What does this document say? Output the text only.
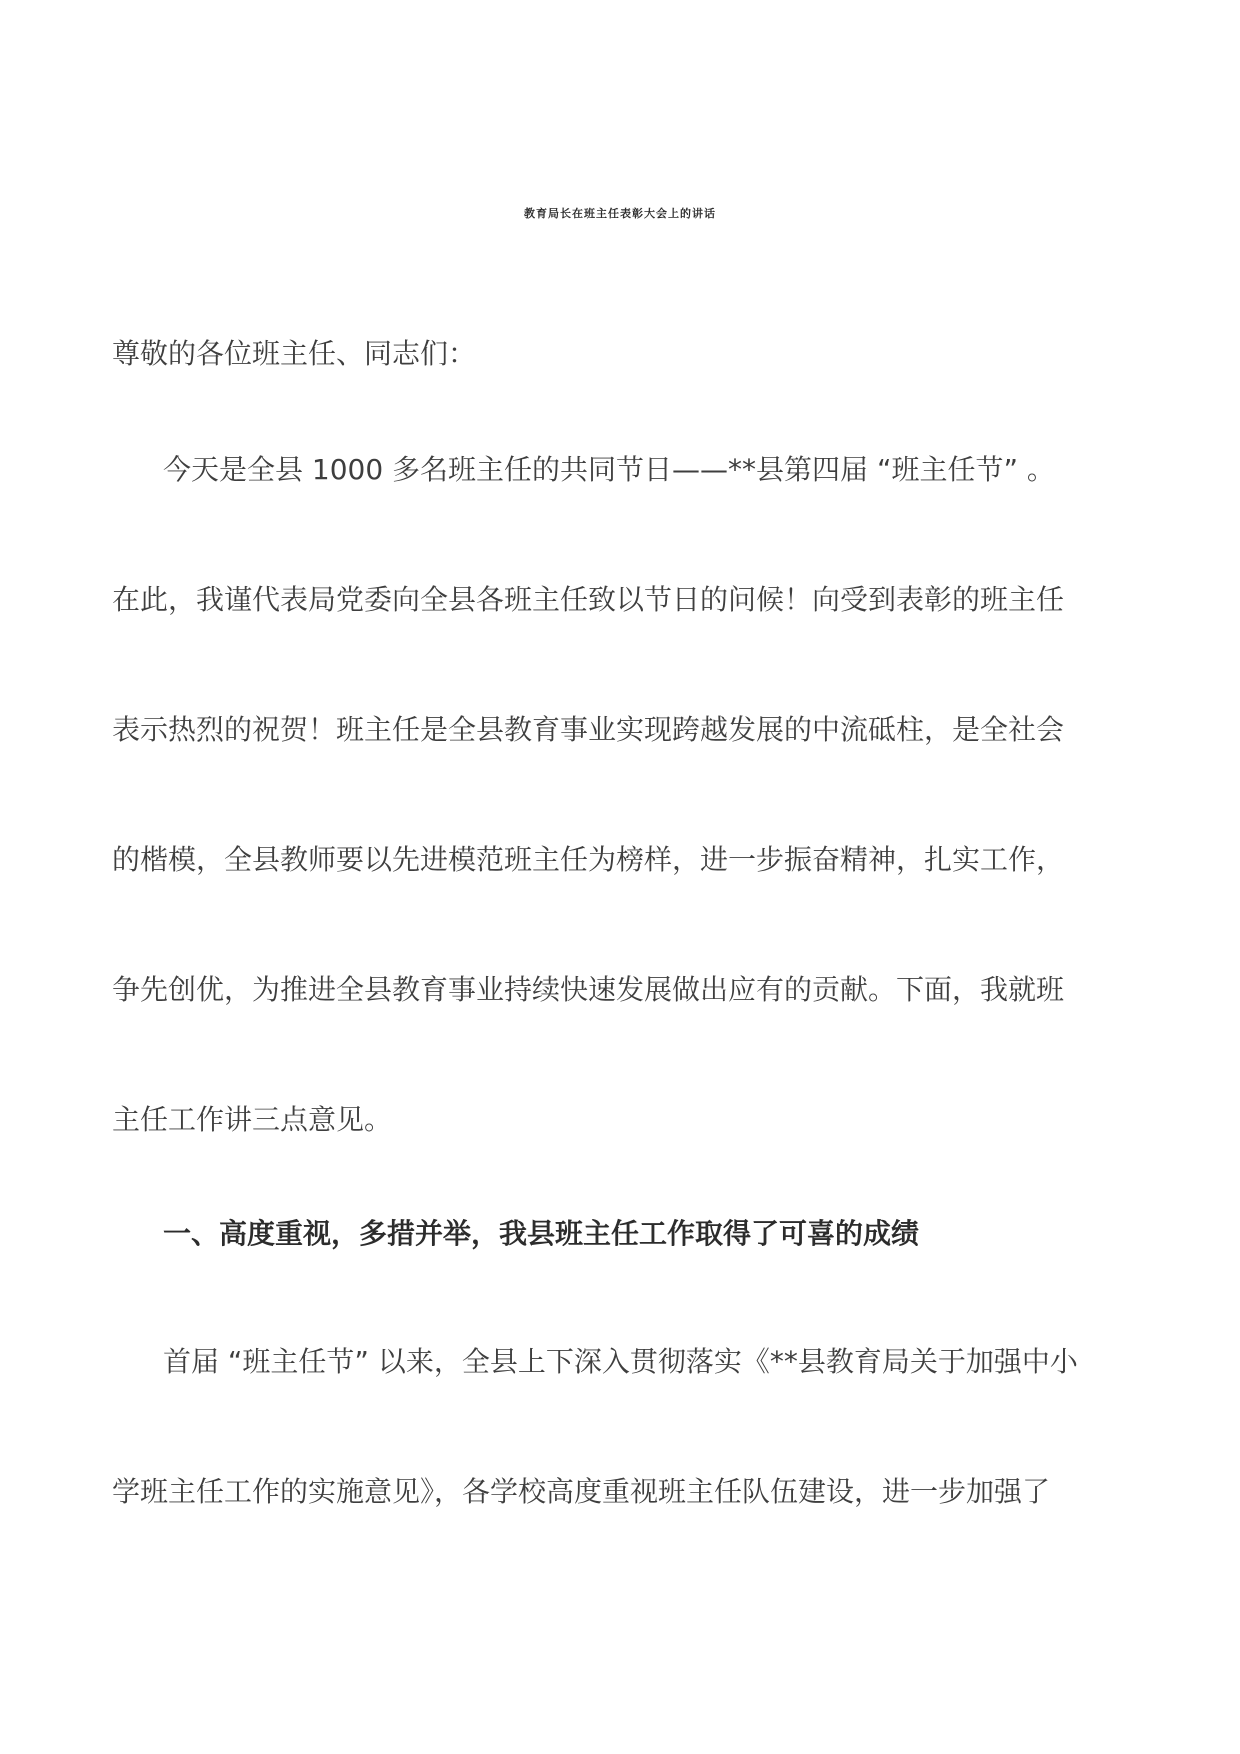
教育局长在班主任表彰大会上的讲话
尊敬的各位班主任、同志们：
今天是全县 1000 多名班主任的共同节日——**县第四届 “班主任节” 。
在此，我谨代表局党委向全县各班主任致以节日的问候！向受到表彰的班主任
表示热烈的祝贺！班主任是全县教育事业实现跨越发展的中流砥柱，是全社会
的楷模，全县教师要以先进模范班主任为榜样，进一步振奋精神，扎实工作，
争先创优，为推进全县教育事业持续快速发展做出应有的贡献。下面，我就班
主任工作讲三点意见。
一、高度重视，多措并举，我县班主任工作取得了可喜的成绩
首届 “班主任节” 以来，全县上下深入贯彻落实《**县教育局关于加强中小
学班主任工作的实施意见》，各学校高度重视班主任队伍建设，进一步加强了
